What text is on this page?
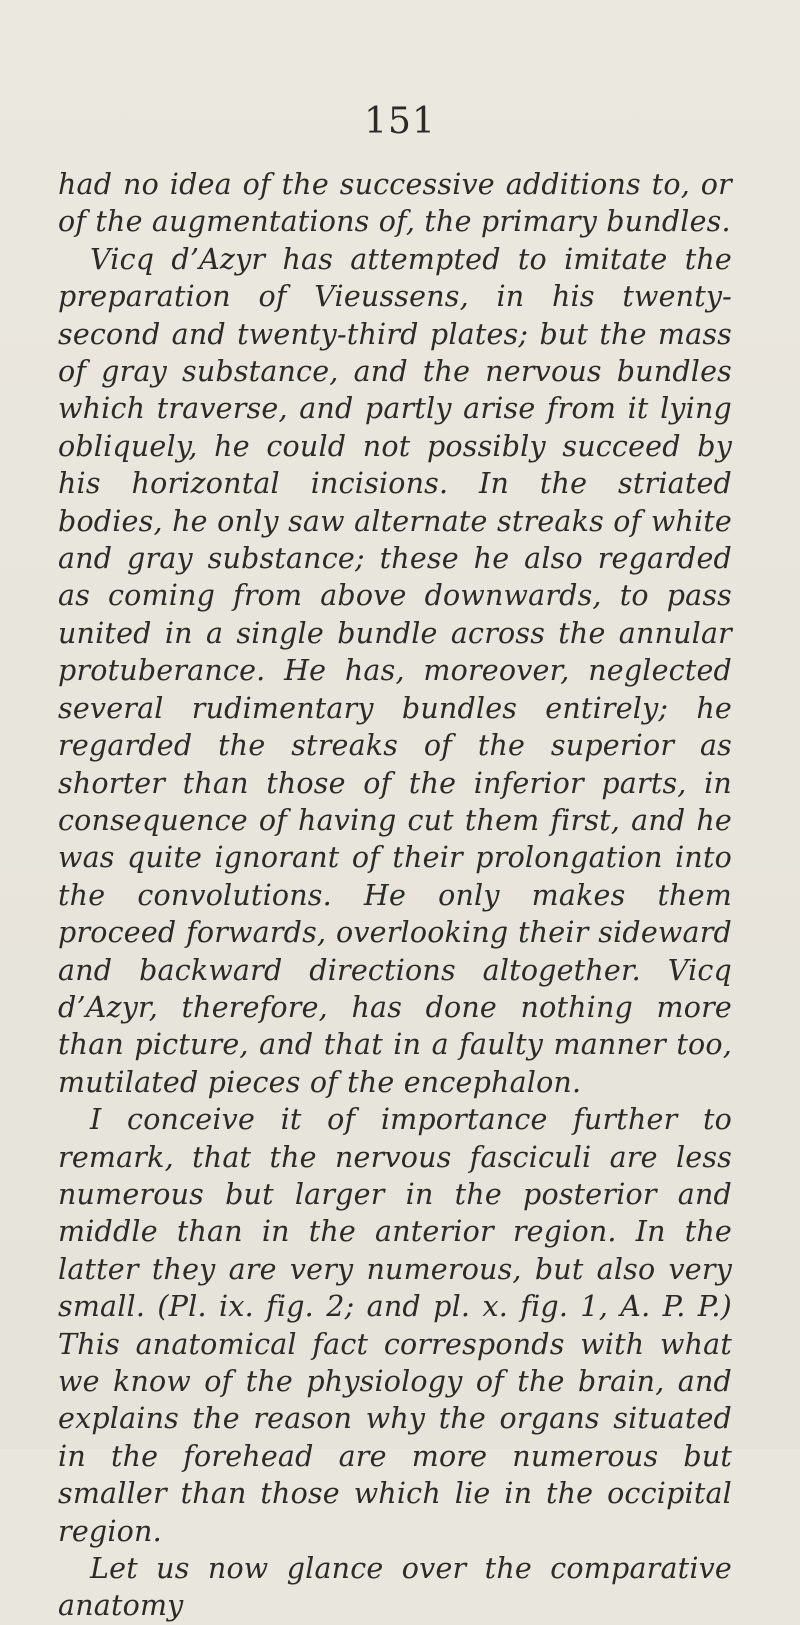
151

had no idea of the successive additions to, or of the augmentations of, the primary bundles.

Vicq d’Azyr has attempted to imitate the preparation of Vieussens, in his twenty-second and twenty-third plates; but the mass of gray substance, and the nervous bundles which traverse, and partly arise from it lying obliquely, he could not possibly succeed by his horizontal incisions. In the striated bodies, he only saw alternate streaks of white and gray substance; these he also regarded as coming from above downwards, to pass united in a single bundle across the annular protuberance. He has, moreover, neglected several rudimentary bundles entirely; he regarded the streaks of the superior as shorter than those of the inferior parts, in consequence of having cut them first, and he was quite ignorant of their prolongation into the convolutions. He only makes them proceed forwards, overlooking their sideward and backward directions altogether. Vicq d’Azyr, therefore, has done nothing more than picture, and that in a faulty manner too, mutilated pieces of the encephalon.

I conceive it of importance further to remark, that the nervous fasciculi are less numerous but larger in the posterior and middle than in the anterior region. In the latter they are very numerous, but also very small. (Pl. ix. fig. 2; and pl. x. fig. 1, A. P. P.) This anatomical fact corresponds with what we know of the physiology of the brain, and explains the reason why the organs situated in the forehead are more numerous but smaller than those which lie in the occipital region.

Let us now glance over the comparative anatomy
